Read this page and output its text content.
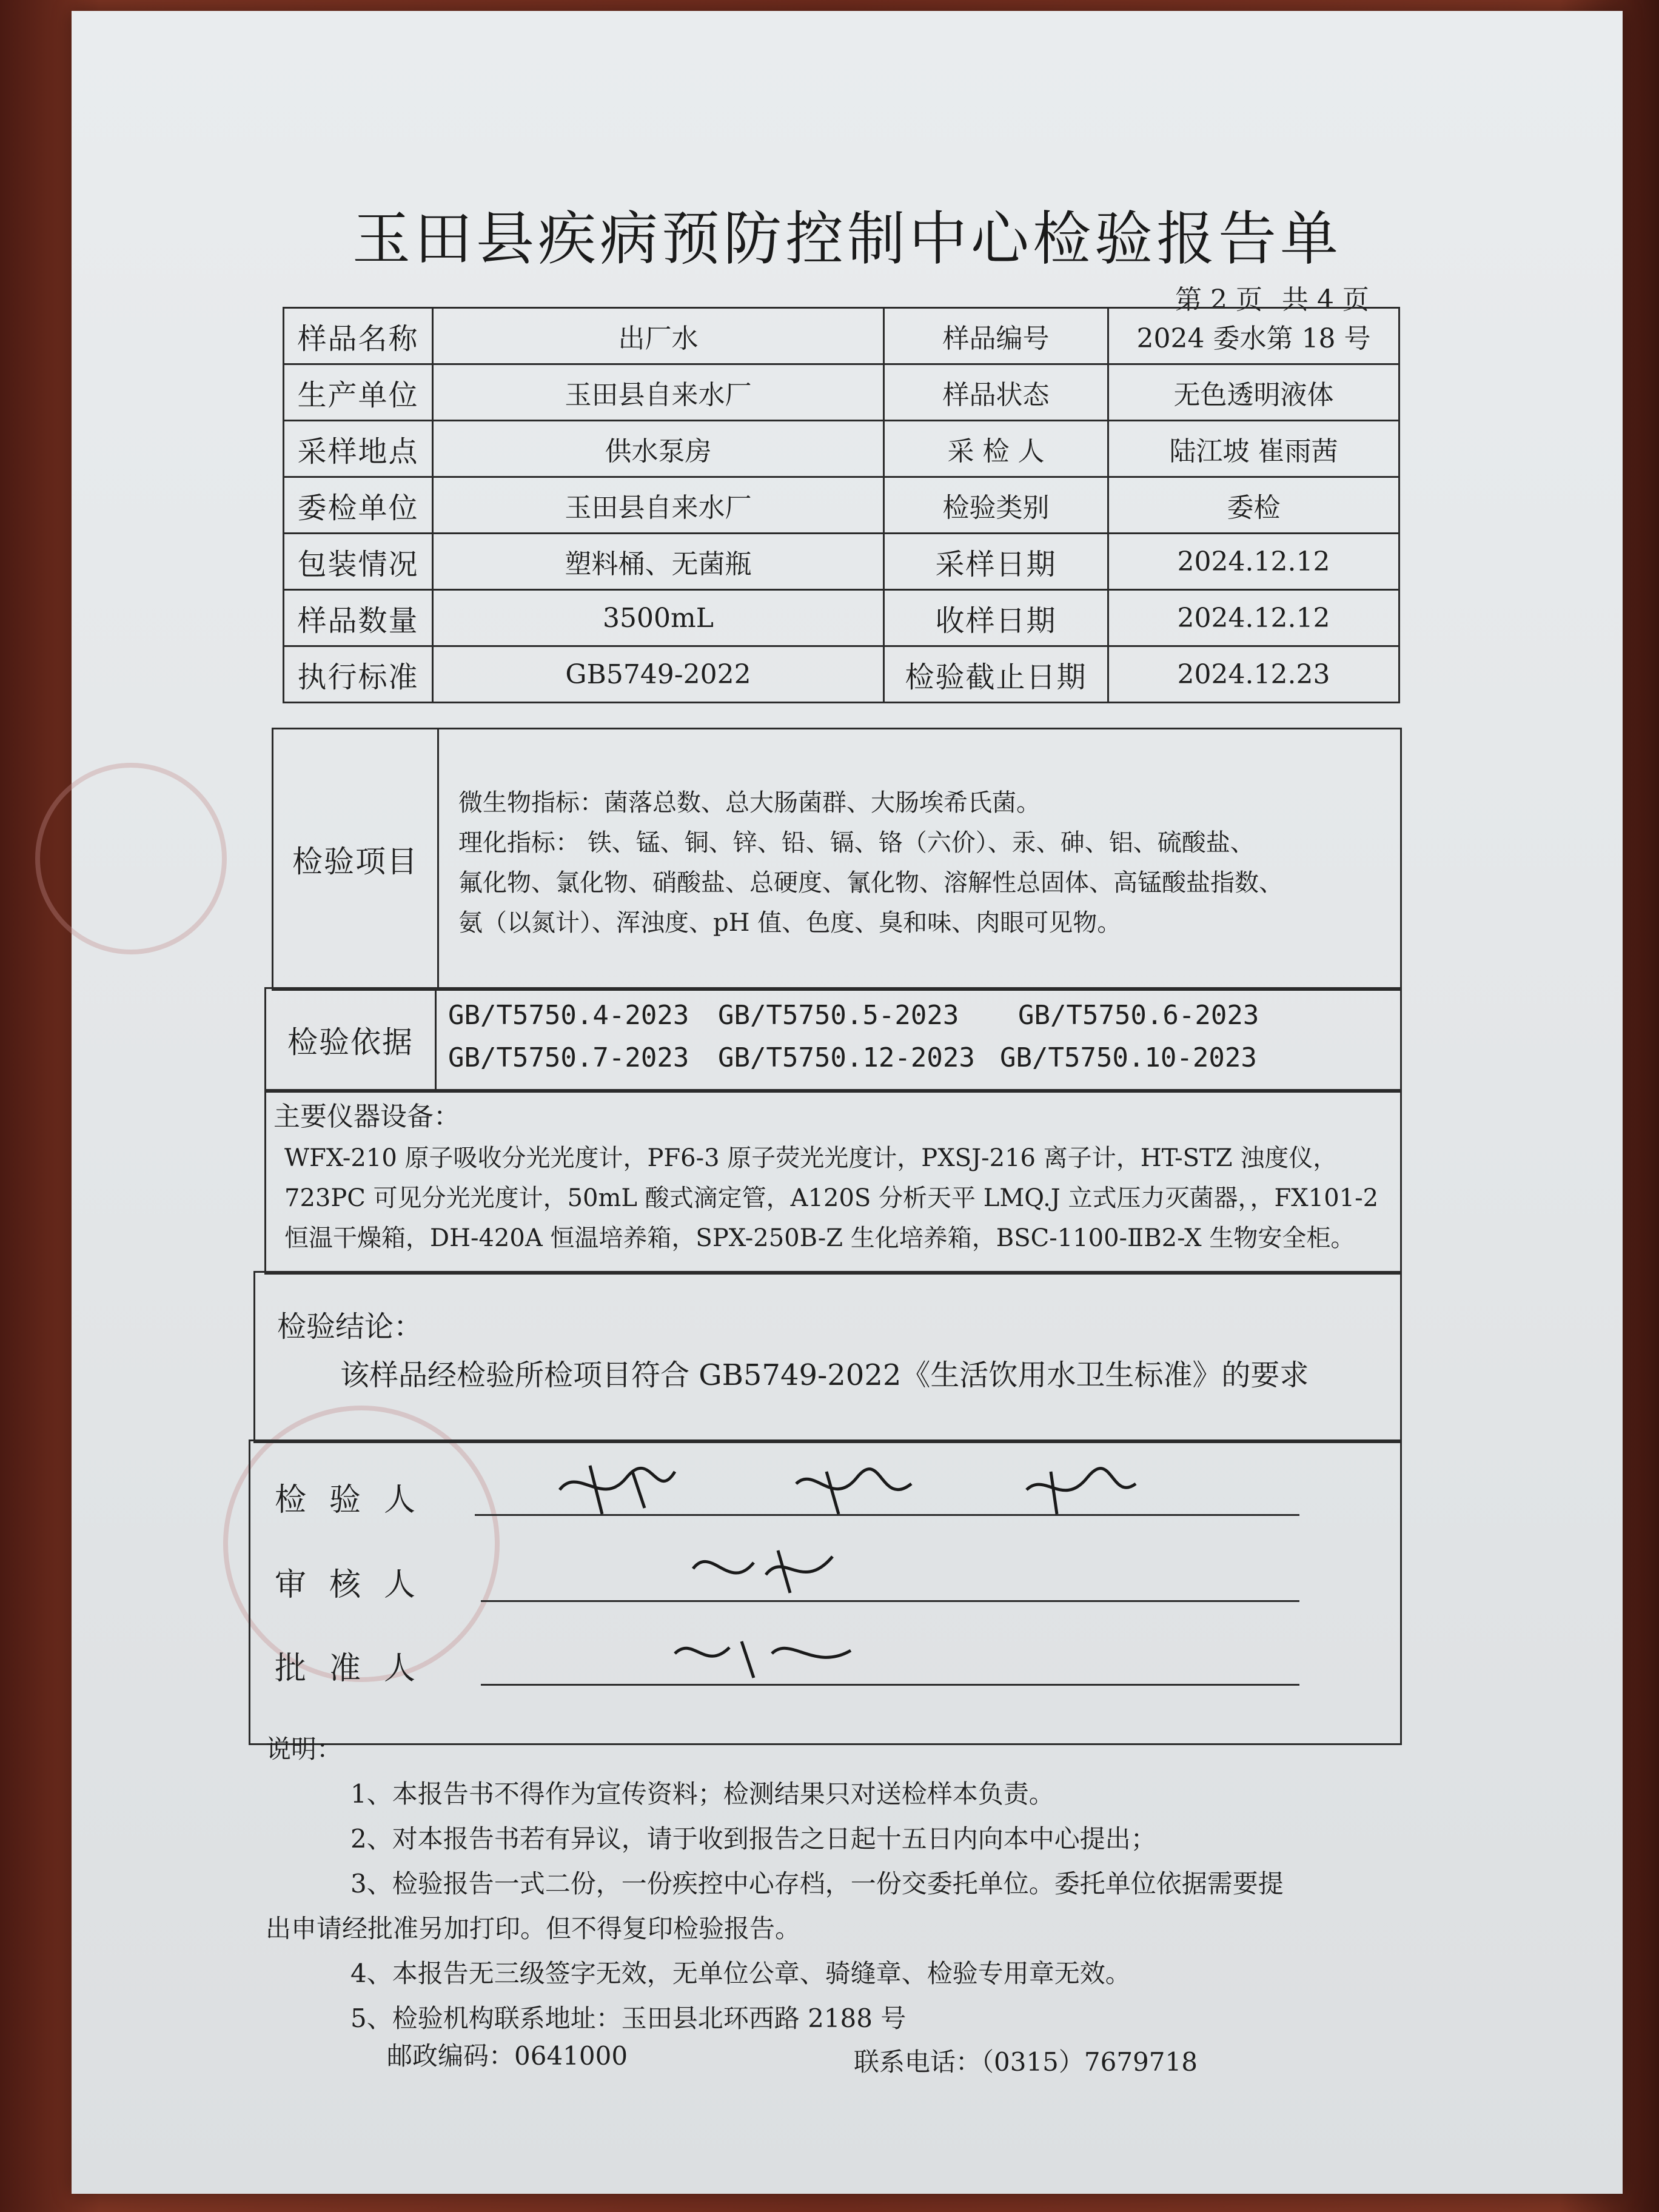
玉田县疾病预防控制中心检验报告单
第 2 页 共 4 页
样品名称	出厂水	样品编号	2024 委水第 18 号
生产单位	玉田县自来水厂	样品状态	无色透明液体
采样地点	供水泵房	采 检 人	陆江坡 崔雨茜
委检单位	玉田县自来水厂	检验类别	委检
包装情况	塑料桶、无菌瓶	采样日期	2024.12.12
样品数量	3500mL	收样日期	2024.12.12
执行标准	GB5749-2022	检验截止日期	2024.12.23
检验项目
微生物指标：菌落总数、总大肠菌群、大肠埃希氏菌。
理化指标： 铁、锰、铜、锌、铅、镉、铬（六价）、汞、砷、铝、硫酸盐、
氟化物、氯化物、硝酸盐、总硬度、氰化物、溶解性总固体、高锰酸盐指数、
氨（以氮计）、浑浊度、pH 值、色度、臭和味、肉眼可见物。
检验依据
GB/T5750.4-2023 GB/T5750.5-2023 GB/T5750.6-2023
GB/T5750.7-2023 GB/T5750.12-2023 GB/T5750.10-2023
主要仪器设备：
WFX-210 原子吸收分光光度计，PF6-3 原子荧光光度计，PXSJ-216 离子计，HT-STZ 浊度仪，
723PC 可见分光光度计，50mL 酸式滴定管，A120S 分析天平 LMQ.J 立式压力灭菌器，，FX101-2
恒温干燥箱，DH-420A 恒温培养箱，SPX-250B-Z 生化培养箱，BSC-1100-ⅡB2-X 生物安全柜。
检验结论：
该样品经检验所检项目符合 GB5749-2022《生活饮用水卫生标准》的要求
检验人
审核人
批准人
说明：
1、本报告书不得作为宣传资料；检测结果只对送检样本负责。
2、对本报告书若有异议，请于收到报告之日起十五日内向本中心提出；
3、检验报告一式二份，一份疾控中心存档，一份交委托单位。委托单位依据需要提
出申请经批准另加打印。但不得复印检验报告。
4、本报告无三级签字无效，无单位公章、骑缝章、检验专用章无效。
5、检验机构联系地址：玉田县北环西路 2188 号
邮政编码：0641000	联系电话：（0315）7679718
